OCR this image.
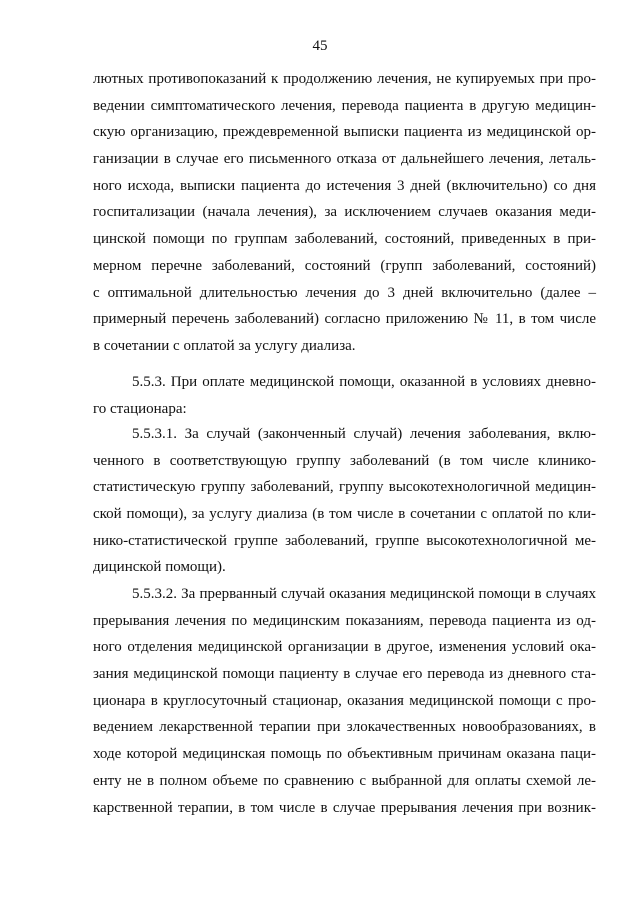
45
лютных противопоказаний к продолжению лечения, не купируемых при про-
ведении симптоматического лечения, перевода пациента в другую медицин-
скую организацию, преждевременной выписки пациента из медицинской ор-
ганизации в случае его письменного отказа от дальнейшего лечения, леталь-
ного исхода, выписки пациента до истечения 3 дней (включительно) со дня
госпитализации (начала лечения), за исключением случаев оказания меди-
цинской помощи по группам заболеваний, состояний, приведенных в при-
мерном перечне заболеваний, состояний (групп заболеваний, состояний)
с оптимальной длительностью лечения до 3 дней включительно (далее –
примерный перечень заболеваний) согласно приложению № 11, в том числе
в сочетании с оплатой за услугу диализа.
5.5.3. При оплате медицинской помощи, оказанной в условиях дневно-
го стационара:
5.5.3.1. За случай (законченный случай) лечения заболевания, вклю-
ченного в соответствующую группу заболеваний (в том числе клинико-
статистическую группу заболеваний, группу высокотехнологичной медицин-
ской помощи), за услугу диализа (в том числе в сочетании с оплатой по кли-
нико-статистической группе заболеваний, группе высокотехнологичной ме-
дицинской помощи).
5.5.3.2. За прерванный случай оказания медицинской помощи в случаях
прерывания лечения по медицинским показаниям, перевода пациента из од-
ного отделения медицинской организации в другое, изменения условий ока-
зания медицинской помощи пациенту в случае его перевода из дневного ста-
ционара в круглосуточный стационар, оказания медицинской помощи с про-
ведением лекарственной терапии при злокачественных новообразованиях, в
ходе которой медицинская помощь по объективным причинам оказана паци-
енту не в полном объеме по сравнению с выбранной для оплаты схемой ле-
карственной терапии, в том числе в случае прерывания лечения при возник-
